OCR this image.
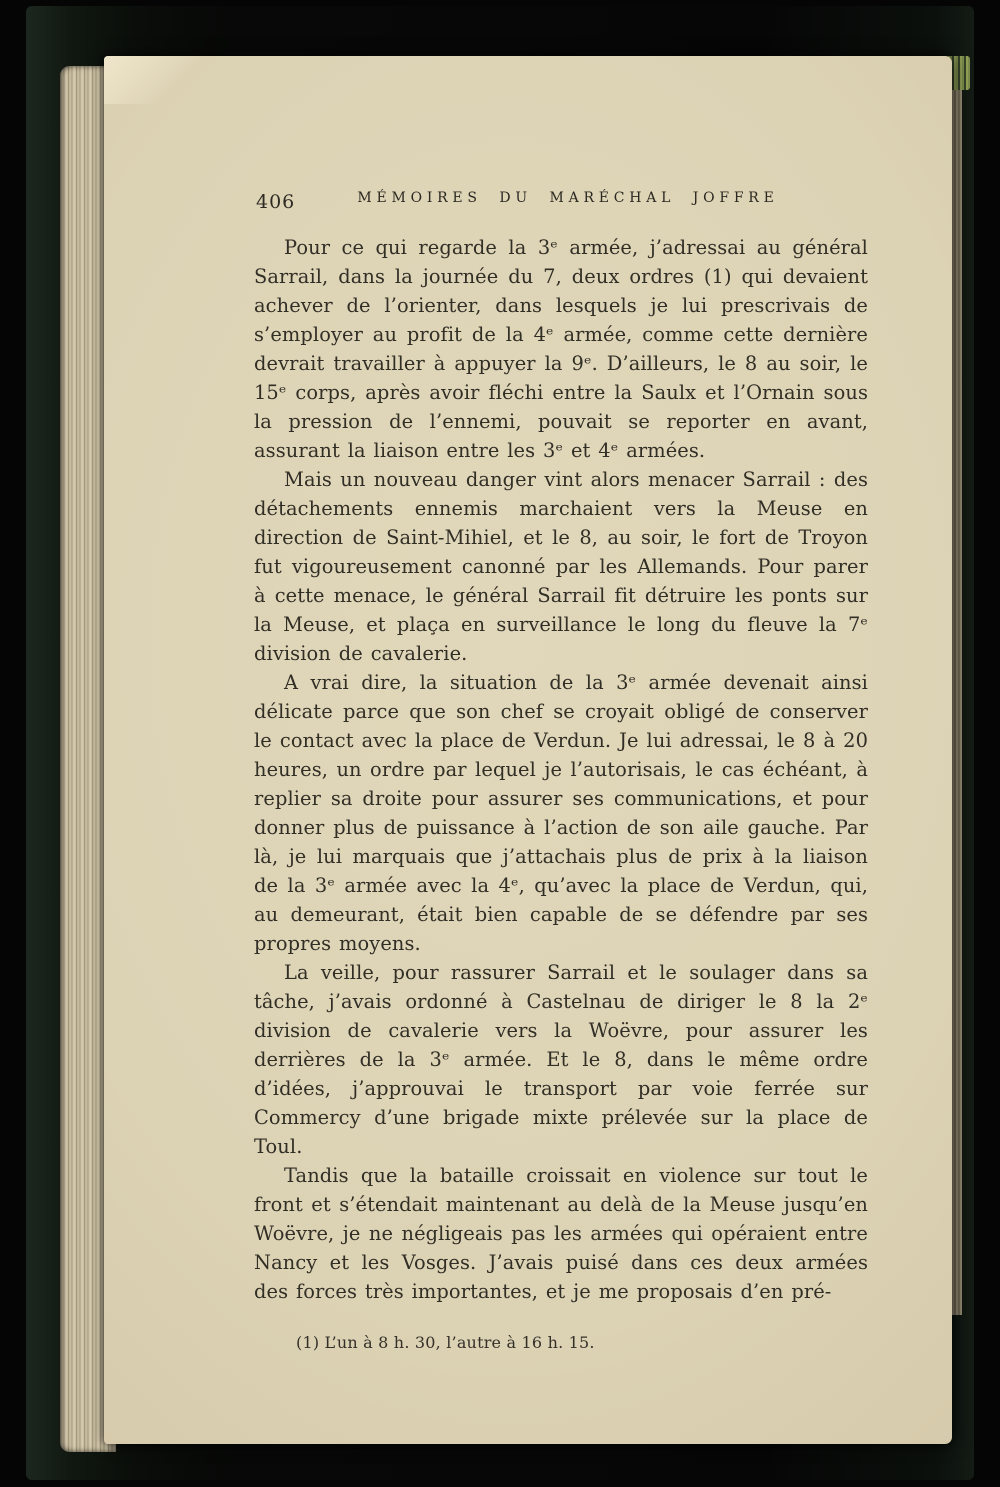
406	MÉMOIRES DU MARÉCHAL JOFFRE

Pour ce qui regarde la 3ᵉ armée, j’adressai au général Sarrail, dans la journée du 7, deux ordres (1) qui devaient achever de l’orienter, dans lesquels je lui prescrivais de s’employer au profit de la 4ᵉ armée, comme cette dernière devrait travailler à appuyer la 9ᵉ. D’ailleurs, le 8 au soir, le 15ᵉ corps, après avoir fléchi entre la Saulx et l’Ornain sous la pression de l’ennemi, pouvait se reporter en avant, assurant la liaison entre les 3ᵉ et 4ᵉ armées.

Mais un nouveau danger vint alors menacer Sarrail : des détachements ennemis marchaient vers la Meuse en direction de Saint-Mihiel, et le 8, au soir, le fort de Troyon fut vigoureusement canonné par les Allemands. Pour parer à cette menace, le général Sarrail fit détruire les ponts sur la Meuse, et plaça en surveillance le long du fleuve la 7ᵉ division de cavalerie.

A vrai dire, la situation de la 3ᵉ armée devenait ainsi délicate parce que son chef se croyait obligé de conserver le contact avec la place de Verdun. Je lui adressai, le 8 à 20 heures, un ordre par lequel je l’autorisais, le cas échéant, à replier sa droite pour assurer ses communications, et pour donner plus de puissance à l’action de son aile gauche. Par là, je lui marquais que j’attachais plus de prix à la liaison de la 3ᵉ armée avec la 4ᵉ, qu’avec la place de Verdun, qui, au demeurant, était bien capable de se défendre par ses propres moyens.

La veille, pour rassurer Sarrail et le soulager dans sa tâche, j’avais ordonné à Castelnau de diriger le 8 la 2ᵉ division de cavalerie vers la Woëvre, pour assurer les derrières de la 3ᵉ armée. Et le 8, dans le même ordre d’idées, j’approuvai le transport par voie ferrée sur Commercy d’une brigade mixte prélevée sur la place de Toul.

Tandis que la bataille croissait en violence sur tout le front et s’étendait maintenant au delà de la Meuse jusqu’en Woëvre, je ne négligeais pas les armées qui opéraient entre Nancy et les Vosges. J’avais puisé dans ces deux armées des forces très importantes, et je me proposais d’en pré-

(1) L’un à 8 h. 30, l’autre à 16 h. 15.
